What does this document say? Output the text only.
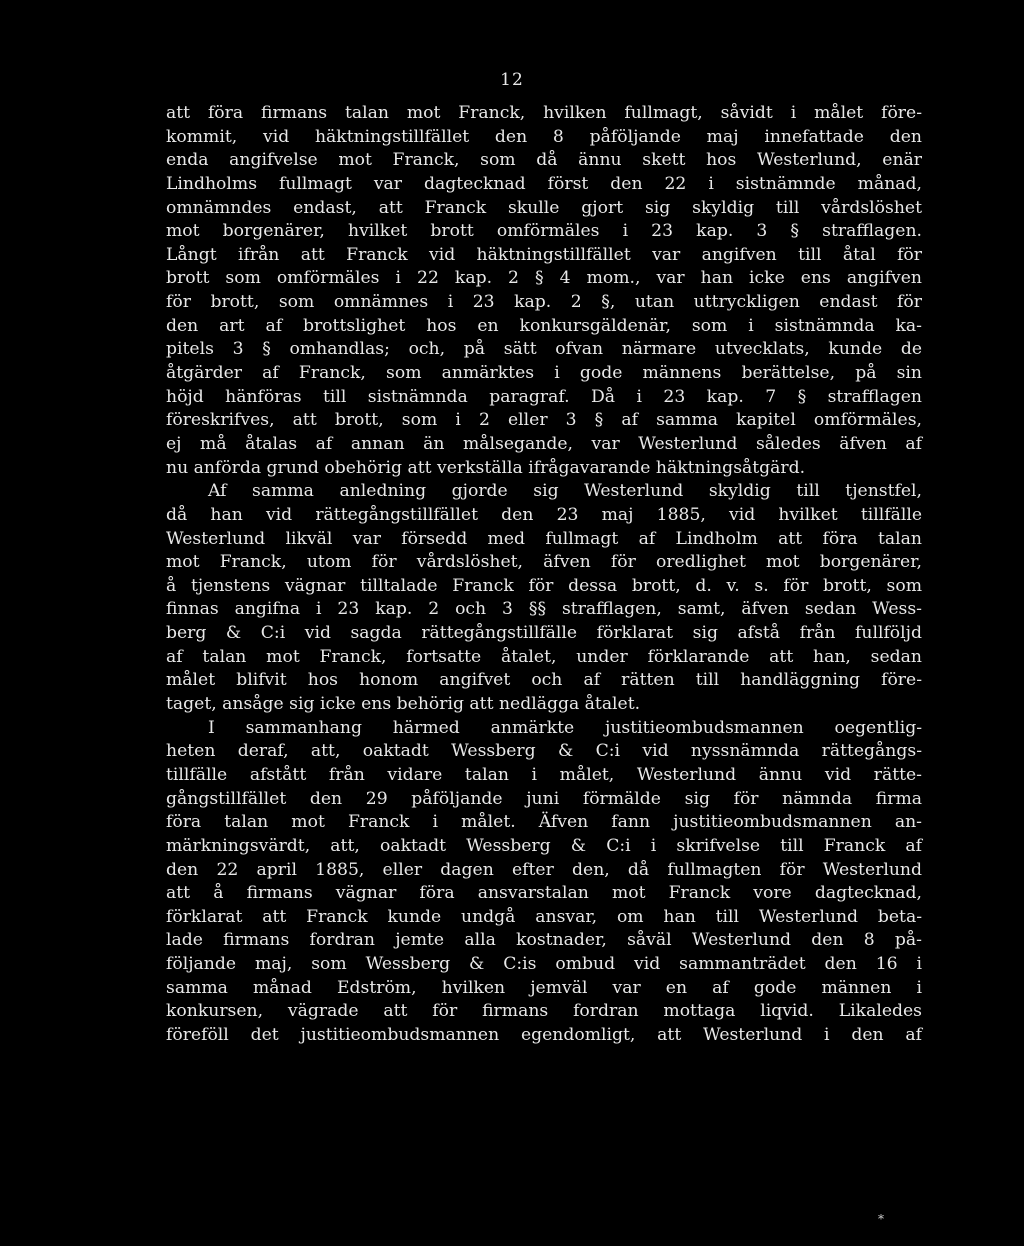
12
att föra firmans talan mot Franck, hvilken fullmagt, såvidt i målet före-
kommit, vid häktningstillfället den 8 påföljande maj innefattade den
enda angifvelse mot Franck, som då ännu skett hos Westerlund, enär
Lindholms fullmagt var dagtecknad först den 22 i sistnämnde månad,
omnämndes endast, att Franck skulle gjort sig skyldig till vårdslöshet
mot borgenärer, hvilket brott omförmäles i 23 kap. 3 § strafflagen.
Långt ifrån att Franck vid häktningstillfället var angifven till åtal för
brott som omförmäles i 22 kap. 2 § 4 mom., var han icke ens angifven
för brott, som omnämnes i 23 kap. 2 §, utan uttryckligen endast för
den art af brottslighet hos en konkursgäldenär, som i sistnämnda ka-
pitels 3 § omhandlas; och, på sätt ofvan närmare utvecklats, kunde de
åtgärder af Franck, som anmärktes i gode männens berättelse, på sin
höjd hänföras till sistnämnda paragraf. Då i 23 kap. 7 § strafflagen
föreskrifves, att brott, som i 2 eller 3 § af samma kapitel omförmäles,
ej må åtalas af annan än målsegande, var Westerlund således äfven af
nu anförda grund obehörig att verkställa ifrågavarande häktningsåtgärd.
Af samma anledning gjorde sig Westerlund skyldig till tjenstfel,
då han vid rättegångstillfället den 23 maj 1885, vid hvilket tillfälle
Westerlund likväl var försedd med fullmagt af Lindholm att föra talan
mot Franck, utom för vårdslöshet, äfven för oredlighet mot borgenärer,
å tjenstens vägnar tilltalade Franck för dessa brott, d. v. s. för brott, som
finnas angifna i 23 kap. 2 och 3 §§ strafflagen, samt, äfven sedan Wess-
berg & C:i vid sagda rättegångstillfälle förklarat sig afstå från fullföljd
af talan mot Franck, fortsatte åtalet, under förklarande att han, sedan
målet blifvit hos honom angifvet och af rätten till handläggning före-
taget, ansåge sig icke ens behörig att nedlägga åtalet.
I sammanhang härmed anmärkte justitieombudsmannen oegentlig-
heten deraf, att, oaktadt Wessberg & C:i vid nyssnämnda rättegångs-
tillfälle afstått från vidare talan i målet, Westerlund ännu vid rätte-
gångstillfället den 29 påföljande juni förmälde sig för nämnda firma
föra talan mot Franck i målet. Äfven fann justitieombudsmannen an-
märkningsvärdt, att, oaktadt Wessberg & C:i i skrifvelse till Franck af
den 22 april 1885, eller dagen efter den, då fullmagten för Westerlund
att å firmans vägnar föra ansvarstalan mot Franck vore dagtecknad,
förklarat att Franck kunde undgå ansvar, om han till Westerlund beta-
lade firmans fordran jemte alla kostnader, såväl Westerlund den 8 på-
följande maj, som Wessberg & C:is ombud vid sammanträdet den 16 i
samma månad Edström, hvilken jemväl var en af gode männen i
konkursen, vägrade att för firmans fordran mottaga liqvid. Likaledes
föreföll det justitieombudsmannen egendomligt, att Westerlund i den af
*
